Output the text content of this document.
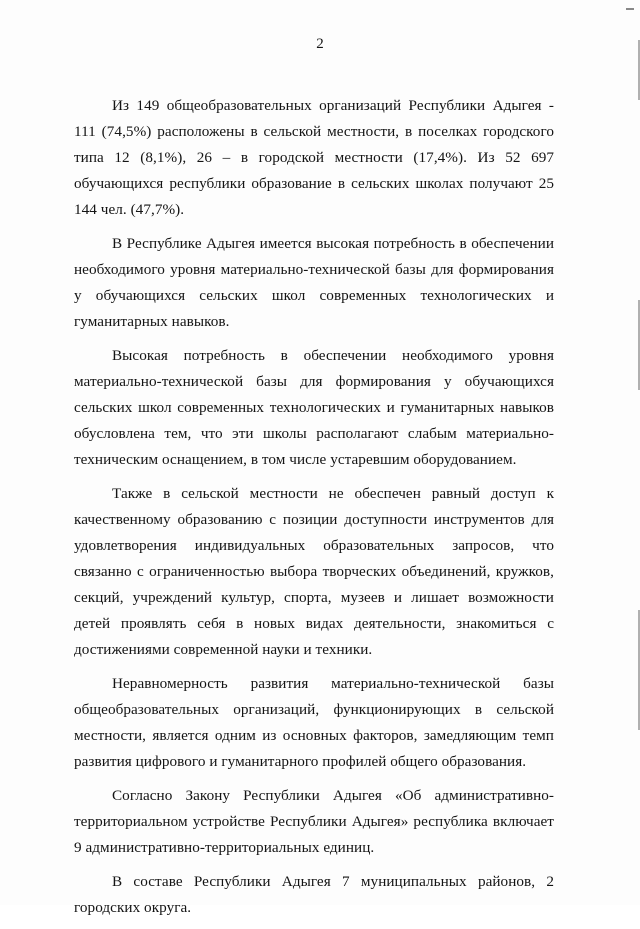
2

Из 149 общеобразовательных организаций Республики Адыгея - 111 (74,5%) расположены в сельской местности, в поселках городского типа 12 (8,1%), 26 – в городской местности (17,4%). Из 52 697 обучающихся республики образование в сельских школах получают 25 144 чел. (47,7%).

В Республике Адыгея имеется высокая потребность в обеспечении необходимого уровня материально-технической базы для формирования у обучающихся сельских школ современных технологических и гуманитарных навыков.

Высокая потребность в обеспечении необходимого уровня материально-технической базы для формирования у обучающихся сельских школ современных технологических и гуманитарных навыков обусловлена тем, что эти школы располагают слабым материально-техническим оснащением, в том числе устаревшим оборудованием.

Также в сельской местности не обеспечен равный доступ к качественному образованию с позиции доступности инструментов для удовлетворения индивидуальных образовательных запросов, что связанно с ограниченностью выбора творческих объединений, кружков, секций, учреждений культур, спорта, музеев и лишает возможности детей проявлять себя в новых видах деятельности, знакомиться с достижениями современной науки и техники.

Неравномерность развития материально-технической базы общеобразовательных организаций, функционирующих в сельской местности, является одним из основных факторов, замедляющим темп развития цифрового и гуманитарного профилей общего образования.

Согласно Закону Республики Адыгея «Об административно-территориальном устройстве Республики Адыгея» республика включает 9 административно-территориальных единиц.

В составе Республики Адыгея 7 муниципальных районов, 2 городских округа.
